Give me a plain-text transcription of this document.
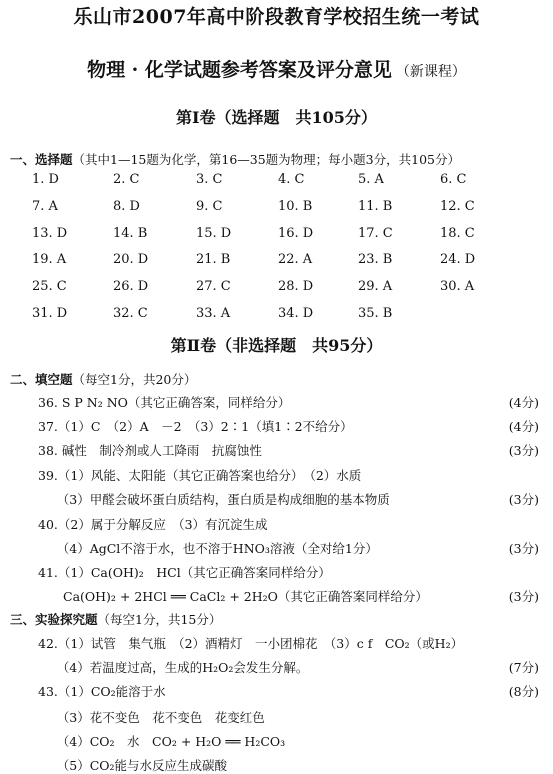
乐山市2007年高中阶段教育学校招生统一考试
物理 · 化学试题参考答案及评分意见 （新课程）
第Ⅰ卷（选择题　共105分）
一、选择题（其中1—15题为化学，第16—35题为物理；每小题3分，共105分）
1. D	2. C	3. C	4. C	5. A	6. C
7. A	8. D	9. C	10. B	11. B	12. C
13. D	14. B	15. D	16. D	17. C	18. C
19. A	20. D	21. B	22. A	23. B	24. D
25. C	26. D	27. C	28. D	29. A	30. A
31. D	32. C	33. A	34. D	35. B
第Ⅱ卷（非选择题　共95分）
二、填空题（每空1分，共20分）
三、实验探究题（每空1分，共15分）
36. S P N₂ NO（其它正确答案，同样给分）	(4分)
37.（1）C　（2）A　－2　（3）2∶1（填1∶2不给分）	(4分)
38. 碱性　制冷剂或人工降雨　抗腐蚀性	(3分)
39.（1）风能、太阳能（其它正确答案也给分）　（2）水质
　　（3）甲醛会破坏蛋白质结构，蛋白质是构成细胞的基本物质	(3分)
40.（2）属于分解反应　（3）有沉淀生成
　　（4）AgCl不溶于水，也不溶于HNO₃溶液（全对给1分）	(3分)
41.（1）Ca(OH)₂　HCl（其它正确答案同样给分）
　　Ca(OH)₂ + 2HCl ══ CaCl₂ + 2H₂O（其它正确答案同样给分）	(3分)
42.（1）试管　集气瓶　（2）酒精灯　一小团棉花　（3）c f　CO₂（或H₂）
　　（4）若温度过高，生成的H₂O₂会发生分解。	(7分)
43.（1）CO₂能溶于水	(8分)
　　（3）花不变色　花不变色　花变红色
　　（4）CO₂　水　CO₂ + H₂O ══ H₂CO₃
　　（5）CO₂能与水反应生成碳酸
